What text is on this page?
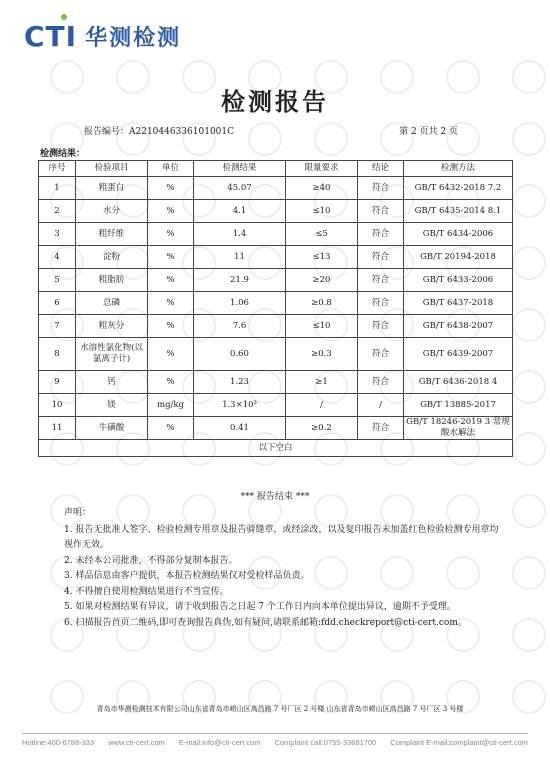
CTI 华测检测
检测报告
报告编号：A2210446336101001C	第 2 页共 2 页
检测结果：
序号	检验项目	单位	检测结果	限量要求	结论	检测方法
1	粗蛋白	%	45.07	≥40	符合	GB/T 6432-2018 7.2
2	水分	%	4.1	≤10	符合	GB/T 6435-2014 8.1
3	粗纤维	%	1.4	≤5	符合	GB/T 6434-2006
4	淀粉	%	11	≤13	符合	GB/T 20194-2018
5	粗脂肪	%	21.9	≥20	符合	GB/T 6433-2006
6	总磷	%	1.06	≥0.8	符合	GB/T 6437-2018
7	粗灰分	%	7.6	≤10	符合	GB/T 6438-2007
8	水溶性氯化物(以氯离子计)	%	0.60	≥0.3	符合	GB/T 6439-2007
9	钙	%	1.23	≥1	符合	GB/T 6436-2018 4
10	镁	mg/kg	1.3×10³	/	/	GB/T 13885-2017
11	牛磺酸	%	0.41	≥0.2	符合	GB/T 18246-2019 3 常规酸水解法
以下空白						
*** 报告结束 ***
声明：
1. 报告无批准人签字、检验检测专用章及报告骑缝章，或经涂改，以及复印报告未加盖红色检验检测专用章均视作无效。
2. 未经本公司批准，不得部分复制本报告。
3. 样品信息由客户提供，本报告检测结果仅对受检样品负责。
4. 不得擅自使用检测结果进行不当宣传。
5. 如果对检测结果有异议，请于收到报告之日起 7 个工作日内向本单位提出异议，逾期不予受理。
6. 扫描报告首页二维码,即可查询报告真伪,如有疑问,请联系邮箱:fdd.checkreport@cti-cert.com。
青岛市华测检测技术有限公司山东省青岛市崂山区高昌路 7 号厂区 2 号楼 山东省青岛市崂山区高昌路 7 号厂区 3 号楼
Hotline:400-6788-333 www.cti-cert.com E-mail:info@cti-cert.com Complaint call:0755-33681700 Complaint E-mail:complaint@cti-cert.com
